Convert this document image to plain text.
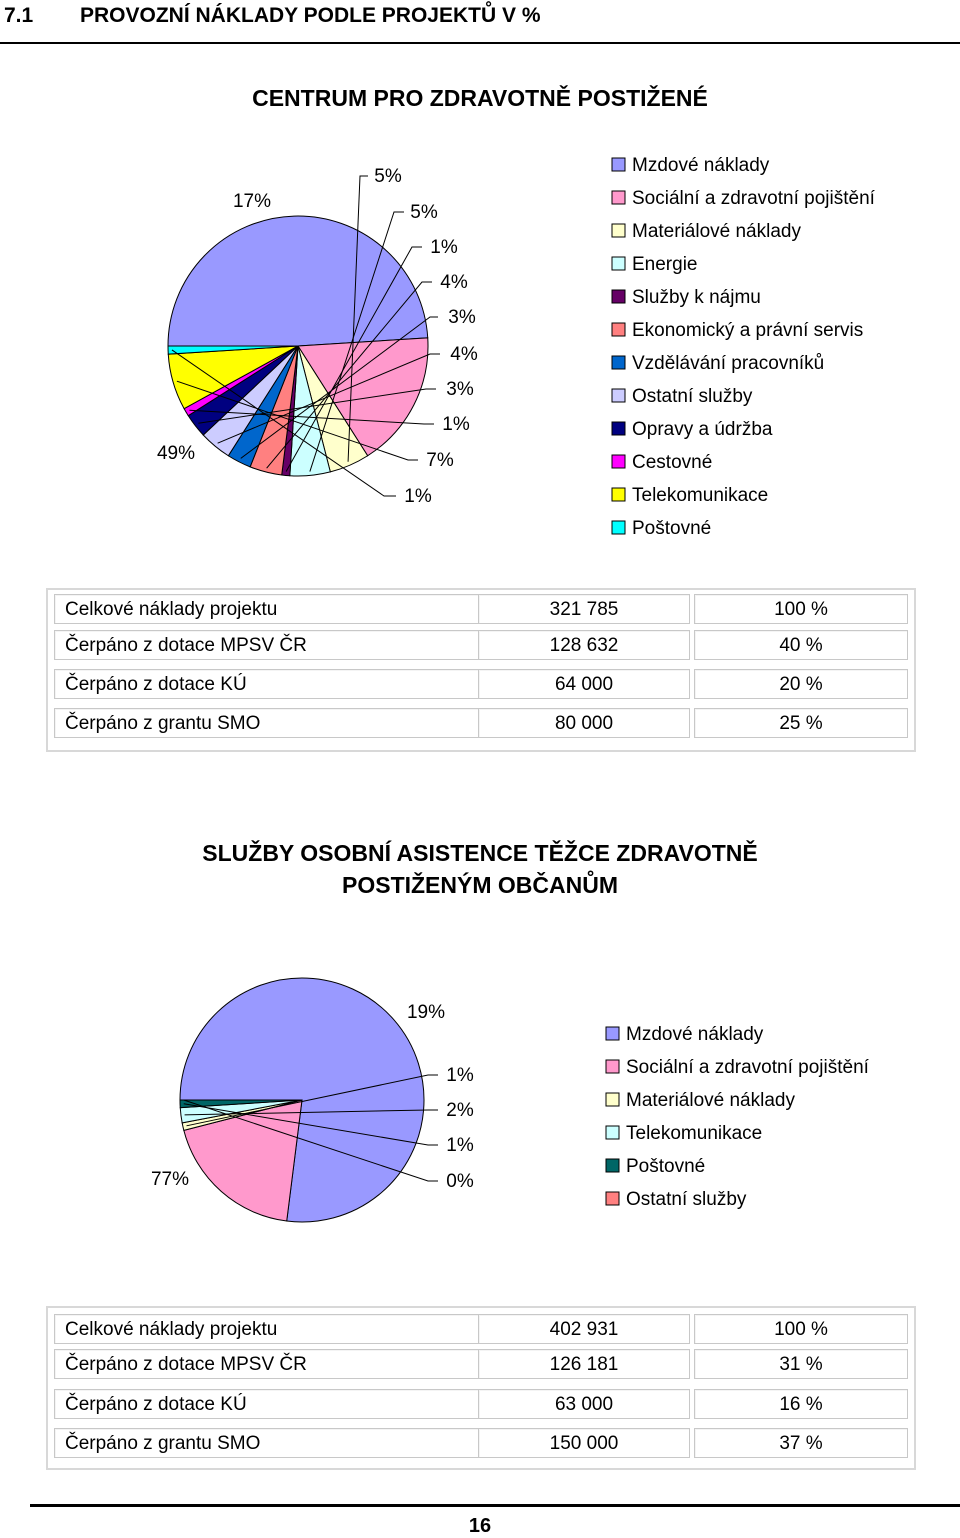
7.1 PROVOZNÍ NÁKLADY PODLE PROJEKTŮ V %
CENTRUM PRO ZDRAVOTNĚ POSTIŽENÉ
49%
17%
5%
5%
1%
4%
3%
4%
3%
1%
7%
1%
Mzdové náklady
Sociální a zdravotní pojištění
Materiálové náklady
Energie
Služby k nájmu
Ekonomický a právní servis
Vzdělávání pracovníků
Ostatní služby
Opravy a údržba
Cestovné
Telekomunikace
Poštovné
Celkové náklady projektu	321 785	100 %
Čerpáno z dotace MPSV ČR	128 632	40 %
Čerpáno z dotace KÚ	64 000	20 %
Čerpáno z grantu SMO	80 000	25 %
SLUŽBY OSOBNÍ ASISTENCE TĚŽCE ZDRAVOTNĚ
POSTIŽENÝM OBČANŮM
77%
19%
1%
2%
1%
0%
Mzdové náklady
Sociální a zdravotní pojištění
Materiálové náklady
Telekomunikace
Poštovné
Ostatní služby
Celkové náklady projektu	402 931	100 %
Čerpáno z dotace MPSV ČR	126 181	31 %
Čerpáno z dotace KÚ	63 000	16 %
Čerpáno z grantu SMO	150 000	37 %
16
